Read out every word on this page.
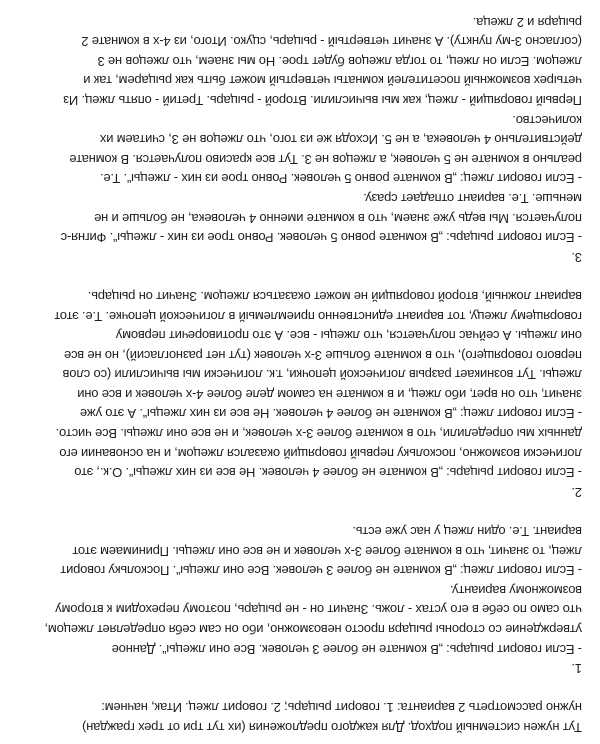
Тут нужен системный подход. Для каждого предложения (их тут три от трех граждан)
нужно рассмотреть 2 варианта: 1. говорит рыцарь; 2. говорит лжец. Итак, начнем:
1.
- Если говорит рыцарь: „В комнате не более 3 человек. Все они лжецы“. Данное
утверждение со стороны рыцаря просто невозможно, ибо он сам себя определяет лжецом,
что само по себе в его устах - ложь. Значит он - не рыцарь, поэтому переходим к второму
возможному варианту.
- Если говорит лжец: „В комнате не более 3 человек. Все они лжецы“. Поскольку говорит
лжец, то значит, что в комнате более 3-х человек и не все они лжецы. Принимаем этот
вариант. Т.е. один лжец у нас уже есть.
2.
- Если говорит рыцарь: „В комнате не более 4 человек. Не все из них лжецы“. О.к., это
логически возможно, поскольку первый говорящий оказался лжецом, и на основании его
данных мы определили, что в комнате более 3-х человек, и не все они лжецы. Все чисто.
- Если говорит лжец: „В комнате не более 4 человек. Не все из них лжецы“. А это уже
значит, что он врет, ибо лжец, и в комнате на самом деле более 4-х человек и все они
лжецы. Тут возникает разрыв логической цепочки, т.к. логически мы вычислили (со слов
первого говорящего), что в комнате больше 3-х человек (тут нет разногласий), но не все
они лжецы. А сейчас получается, что лжецы - все. А это противоречит первому
говорящему лжецу, тот вариант единственно приемлемый в логической цепочке. Т.е. этот
вариант ложный, второй говорящий не может оказаться лжецом. Значит он рыцарь.
3.
- Если говорит рыцарь: „В комнате ровно 5 человек. Ровно трое из них - лжецы“. Фигня-с
получается. Мы ведь уже знаем, что в комнате именно 4 человека, не больше и не
меньше. Т.е. вариант отпадает сразу.
- Если говорит лжец: „В комнате ровно 5 человек. Ровно трое из них - лжецы“. Т.е.
реально в комнате не 5 человек, а лжецов не 3. Тут все красиво получается. В комнате
действительно 4 человека, а не 5. Исходя же из того, что лжецов не 3, считаем их
количество.
Первый говорящий - лжец, как мы вычислили. Второй - рыцарь. Третий - опять лжец. Из
четырех возможный посетителей комнаты четвертый может быть как рыцарем, так и
лжецом. Если он лжец, то тогда лжецов будет трое. Но мы знаем, что лжецов не 3
(согласно 3-му пункту). А значит четвертый - рыцарь, сцуко. Итого, из 4-х в комнате 2
рыцаря и 2 лжеца.
